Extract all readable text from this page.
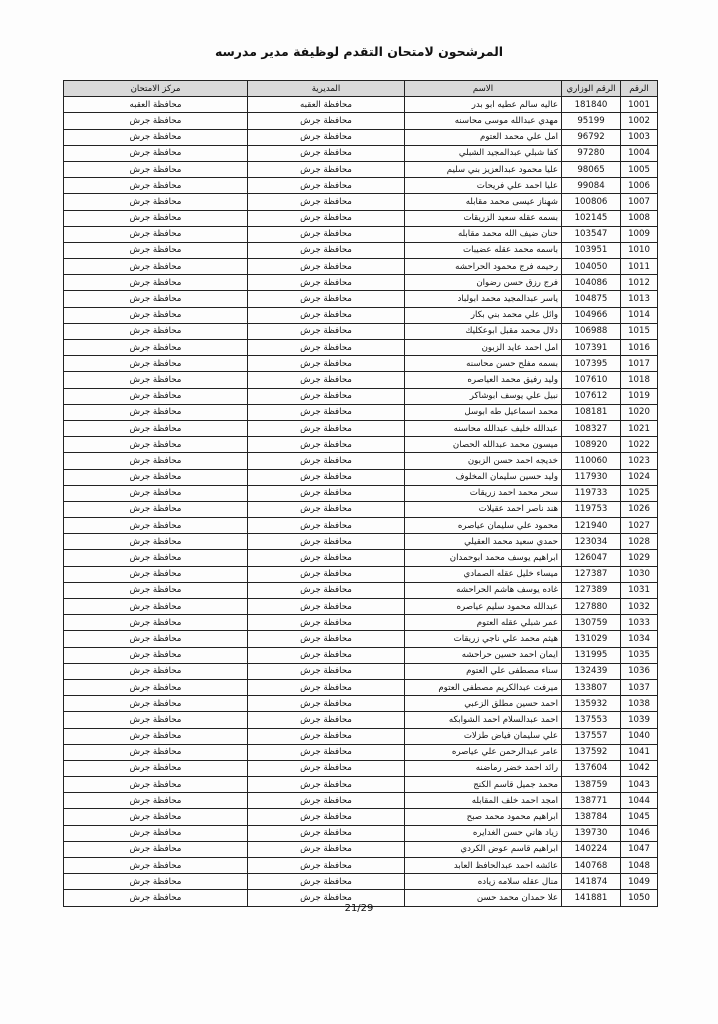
المرشحون لامتحان التقدم لوظيفة مدير مدرسه
الرقم	الرقم الوزاري	الاسم	المديرية	مركز الامتحان
1001	181840	عاليه سالم عطيه ابو بدر	محافظة العقبه	محافظة العقبه
1002	95199	مهدي عبدالله موسى محاسنه	محافظة جرش	محافظة جرش
1003	96792	امل علي محمد العتوم	محافظة جرش	محافظة جرش
1004	97280	كفا شبلي عبدالمجيد الشبلي	محافظة جرش	محافظة جرش
1005	98065	عليا محمود عبدالعزيز بني سليم	محافظة جرش	محافظة جرش
1006	99084	عليا احمد علي فريحات	محافظة جرش	محافظة جرش
1007	100806	شهناز عيسى محمد مقابله	محافظة جرش	محافظة جرش
1008	102145	بسمه عقله سعيد الزريقات	محافظة جرش	محافظة جرش
1009	103547	حنان ضيف الله محمد مقابله	محافظة جرش	محافظة جرش
1010	103951	باسمه محمد عقله عضيبات	محافظة جرش	محافظة جرش
1011	104050	رحيمه فرج محمود الحراحشه	محافظة جرش	محافظة جرش
1012	104086	فرج رزق حسن رضوان	محافظة جرش	محافظة جرش
1013	104875	ياسر عبدالمجيد محمد ابولباد	محافظة جرش	محافظة جرش
1014	104966	وائل علي محمد بني بكار	محافظة جرش	محافظة جرش
1015	106988	دلال محمد مقبل ابوعكليك	محافظة جرش	محافظة جرش
1016	107391	امل احمد عايد الزبون	محافظة جرش	محافظة جرش
1017	107395	بسمه مفلح حسن محاسنه	محافظة جرش	محافظة جرش
1018	107610	وليد رفيق محمد العياصره	محافظة جرش	محافظة جرش
1019	107612	نبيل علي يوسف ابوشاكر	محافظة جرش	محافظة جرش
1020	108181	محمد اسماعيل طه ابوسل	محافظة جرش	محافظة جرش
1021	108327	عبدالله خليف عبدالله محاسنه	محافظة جرش	محافظة جرش
1022	108920	ميسون محمد عبدالله الحصان	محافظة جرش	محافظة جرش
1023	110060	خديجه احمد حسن الزبون	محافظة جرش	محافظة جرش
1024	117930	وليد حسين سليمان المخلوف	محافظة جرش	محافظة جرش
1025	119733	سحر محمد احمد زريقات	محافظة جرش	محافظة جرش
1026	119753	هند ناصر احمد عقيلات	محافظة جرش	محافظة جرش
1027	121940	محمود علي سليمان عياصره	محافظة جرش	محافظة جرش
1028	123034	حمدي سعيد محمد العقيلي	محافظة جرش	محافظة جرش
1029	126047	ابراهيم يوسف محمد ابوحمدان	محافظة جرش	محافظة جرش
1030	127387	ميساء خليل عقله الصمادي	محافظة جرش	محافظة جرش
1031	127389	غاده يوسف هاشم الحراحشه	محافظة جرش	محافظة جرش
1032	127880	عبدالله محمود سليم عياصره	محافظة جرش	محافظة جرش
1033	130759	عمر شبلي عقله العتوم	محافظة جرش	محافظة جرش
1034	131029	هيثم محمد علي ناجي زريقات	محافظة جرش	محافظة جرش
1035	131995	ايمان احمد حسين حراحشه	محافظة جرش	محافظة جرش
1036	132439	سناء مصطفى علي العتوم	محافظة جرش	محافظة جرش
1037	133807	ميرفت عبدالكريم مصطفى العتوم	محافظة جرش	محافظة جرش
1038	135932	احمد حسين مطلق الزعبي	محافظة جرش	محافظة جرش
1039	137553	احمد عبدالسلام احمد الشوابكه	محافظة جرش	محافظة جرش
1040	137557	علي سليمان فياض طزلات	محافظة جرش	محافظة جرش
1041	137592	عامر عبدالرحمن علي عياصره	محافظة جرش	محافظة جرش
1042	137604	رائد احمد خضر رماضنه	محافظة جرش	محافظة جرش
1043	138759	محمد جميل قاسم الكنج	محافظة جرش	محافظة جرش
1044	138771	امجد احمد خلف المقابله	محافظة جرش	محافظة جرش
1045	138784	ابراهيم محمود محمد صبح	محافظة جرش	محافظة جرش
1046	139730	زياد هاني حسن الغدايره	محافظة جرش	محافظة جرش
1047	140224	ابراهيم قاسم عوض الكردي	محافظة جرش	محافظة جرش
1048	140768	عائشه احمد عبدالحافظ العابد	محافظة جرش	محافظة جرش
1049	141874	منال عقله سلامه زياده	محافظة جرش	محافظة جرش
1050	141881	علا حمدان محمد حسن	محافظة جرش	محافظة جرش
21/29
